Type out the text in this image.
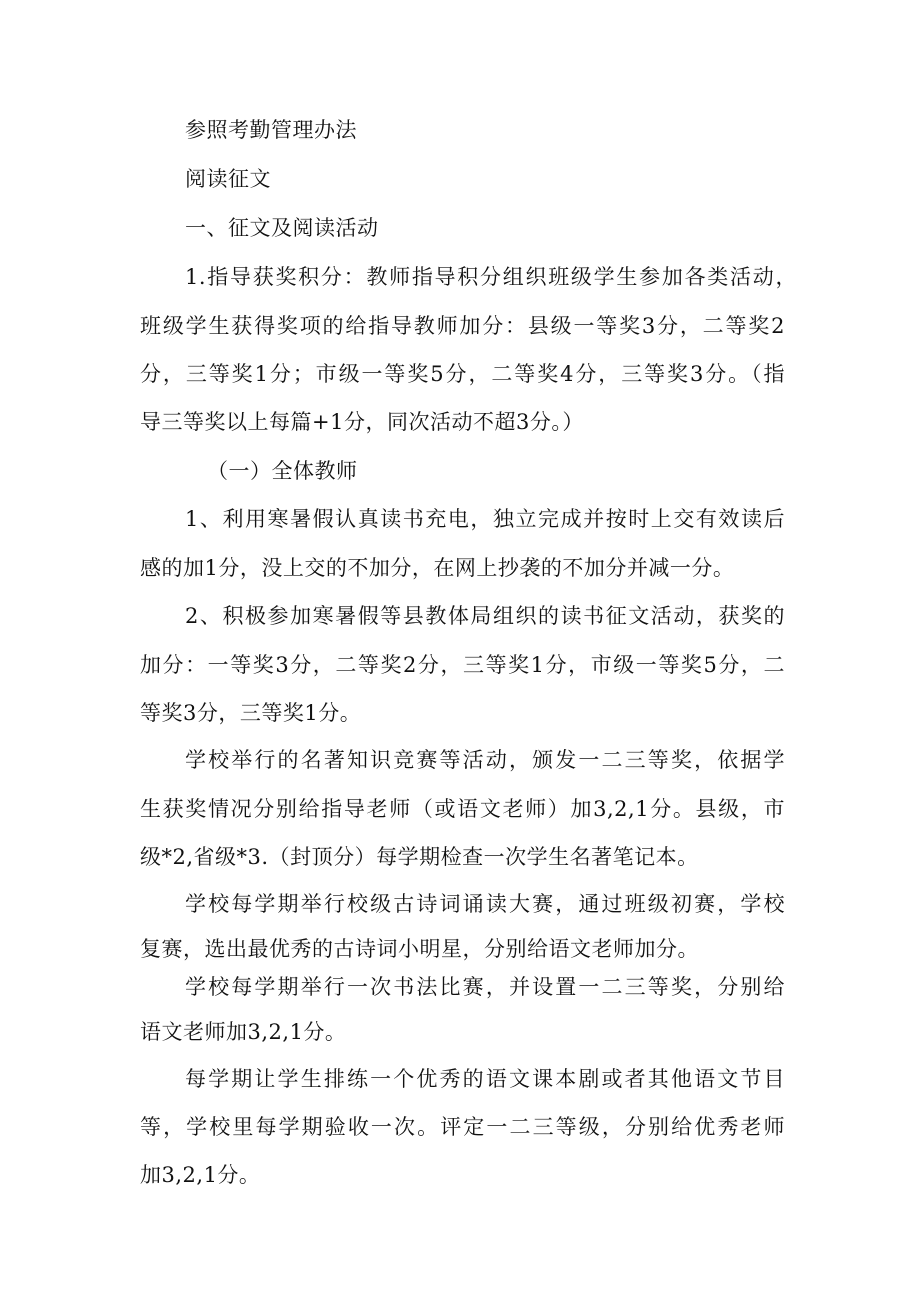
参照考勤管理办法
阅读征文
一、征文及阅读活动
1.指导获奖积分：教师指导积分组织班级学生参加各类活动，
班级学生获得奖项的给指导教师加分：县级一等奖3分，二等奖2
分，三等奖1分；市级一等奖5分，二等奖4分，三等奖3分。（指
导三等奖以上每篇+1分，同次活动不超3分。）
（一）全体教师
1、利用寒暑假认真读书充电，独立完成并按时上交有效读后
感的加1分，没上交的不加分，在网上抄袭的不加分并减一分。
2、积极参加寒暑假等县教体局组织的读书征文活动，获奖的
加分：一等奖3分，二等奖2分，三等奖1分，市级一等奖5分，二
等奖3分，三等奖1分。
学校举行的名著知识竞赛等活动，颁发一二三等奖，依据学
生获奖情况分别给指导老师（或语文老师）加3,2,1分。县级，市
级*2,省级*3.（封顶分）每学期检查一次学生名著笔记本。
学校每学期举行校级古诗词诵读大赛，通过班级初赛，学校
复赛，选出最优秀的古诗词小明星，分别给语文老师加分。
学校每学期举行一次书法比赛，并设置一二三等奖，分别给
语文老师加3,2,1分。
每学期让学生排练一个优秀的语文课本剧或者其他语文节目
等，学校里每学期验收一次。评定一二三等级，分别给优秀老师
加3,2,1分。
